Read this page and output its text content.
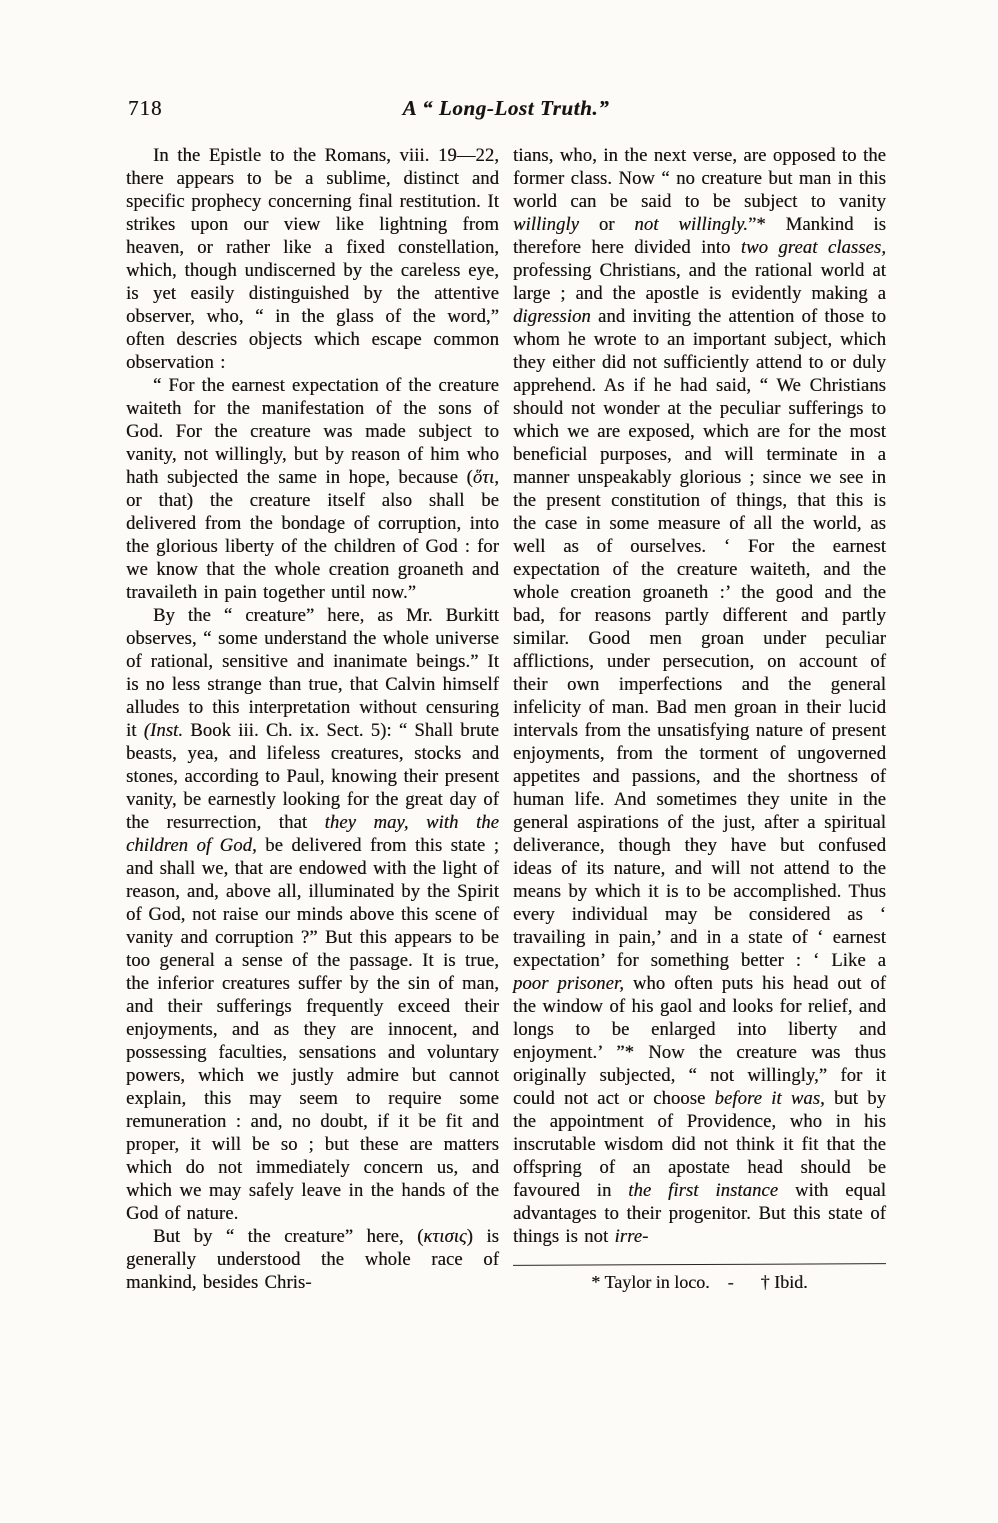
718	A “ Long-Lost Truth.”

In the Epistle to the Romans, viii. 19—22, there appears to be a sublime, distinct and specific prophecy concerning final restitution. It strikes upon our view like lightning from heaven, or rather like a fixed constellation, which, though undiscerned by the careless eye, is yet easily distinguished by the attentive observer, who, “ in the glass of the word,” often descries objects which escape common observation :

“ For the earnest expectation of the creature waiteth for the manifestation of the sons of God. For the creature was made subject to vanity, not willingly, but by reason of him who hath subjected the same in hope, because (ὅτι, or that) the creature itself also shall be delivered from the bondage of corruption, into the glorious liberty of the children of God : for we know that the whole creation groaneth and travaileth in pain together until now.”

By the “ creature” here, as Mr. Burkitt observes, “ some understand the whole universe of rational, sensitive and inanimate beings.” It is no less strange than true, that Calvin himself alludes to this interpretation without censuring it (Inst. Book iii. Ch. ix. Sect. 5): “ Shall brute beasts, yea, and lifeless creatures, stocks and stones, according to Paul, knowing their present vanity, be earnestly looking for the great day of the resurrection, that they may, with the children of God, be delivered from this state ; and shall we, that are endowed with the light of reason, and, above all, illuminated by the Spirit of God, not raise our minds above this scene of vanity and corruption ?” But this appears to be too general a sense of the passage. It is true, the inferior creatures suffer by the sin of man, and their sufferings frequently exceed their enjoyments, and as they are innocent, and possessing faculties, sensations and voluntary powers, which we justly admire but cannot explain, this may seem to require some remuneration : and, no doubt, if it be fit and proper, it will be so ; but these are matters which do not immediately concern us, and which we may safely leave in the hands of the God of nature.

But by “ the creature” here, (κτισις) is generally understood the whole race of mankind, besides Chris-

tians, who, in the next verse, are opposed to the former class. Now “ no creature but man in this world can be said to be subject to vanity willingly or not willingly.”* Mankind is therefore here divided into two great classes, professing Christians, and the rational world at large ; and the apostle is evidently making a digression and inviting the attention of those to whom he wrote to an important subject, which they either did not sufficiently attend to or duly apprehend. As if he had said, “ We Christians should not wonder at the peculiar sufferings to which we are exposed, which are for the most beneficial purposes, and will terminate in a manner unspeakably glorious ; since we see in the present constitution of things, that this is the case in some measure of all the world, as well as of ourselves. ‘ For the earnest expectation of the creature waiteth, and the whole creation groaneth :’ the good and the bad, for reasons partly different and partly similar. Good men groan under peculiar afflictions, under persecution, on account of their own imperfections and the general infelicity of man. Bad men groan in their lucid intervals from the unsatisfying nature of present enjoyments, from the torment of ungoverned appetites and passions, and the shortness of human life. And sometimes they unite in the general aspirations of the just, after a spiritual deliverance, though they have but confused ideas of its nature, and will not attend to the means by which it is to be accomplished. Thus every individual may be considered as ‘ travailing in pain,’ and in a state of ‘ earnest expectation’ for something better : ‘ Like a poor prisoner, who often puts his head out of the window of his gaol and looks for relief, and longs to be enlarged into liberty and enjoyment.’ ”* Now the creature was thus originally subjected, “ not willingly,” for it could not act or choose before it was, but by the appointment of Providence, who in his inscrutable wisdom did not think it fit that the offspring of an apostate head should be favoured in the first instance with equal advantages to their progenitor. But this state of things is not irre-

* Taylor in loco.    -      † Ibid.
